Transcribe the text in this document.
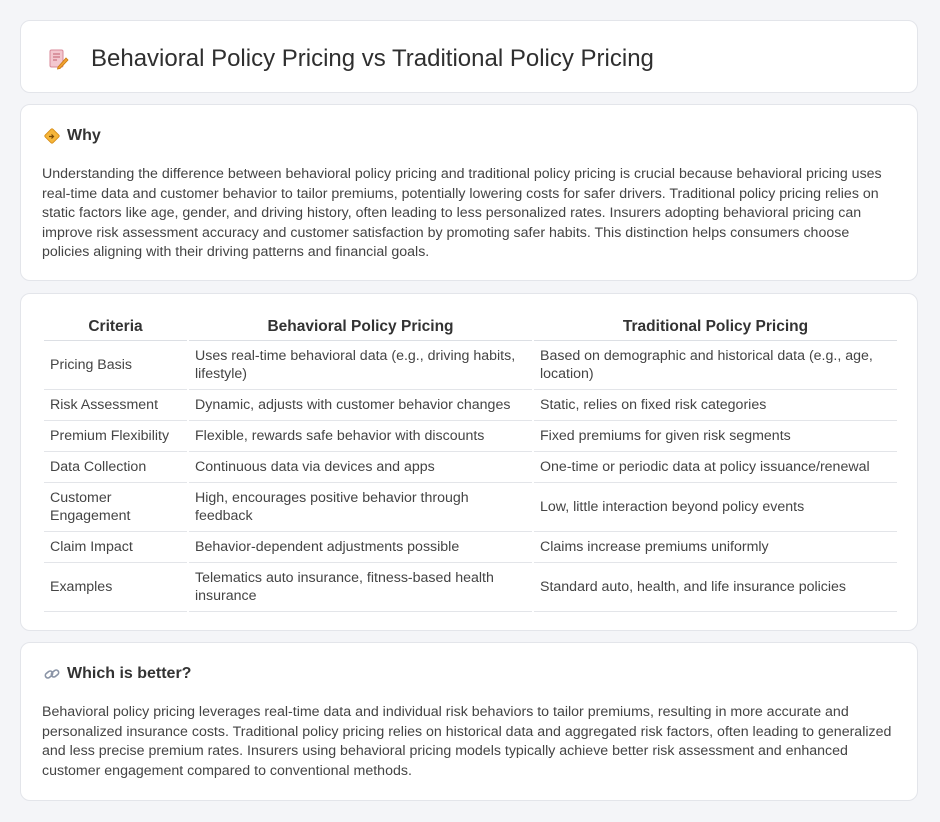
Behavioral Policy Pricing vs Traditional Policy Pricing
Why

Understanding the difference between behavioral policy pricing and traditional policy pricing is crucial because behavioral pricing uses real-time data and customer behavior to tailor premiums, potentially lowering costs for safer drivers. Traditional policy pricing relies on static factors like age, gender, and driving history, often leading to less personalized rates. Insurers adopting behavioral pricing can improve risk assessment accuracy and customer satisfaction by promoting safer habits. This distinction helps consumers choose policies aligning with their driving patterns and financial goals.

Criteria	Behavioral Policy Pricing	Traditional Policy Pricing
Pricing Basis	Uses real-time behavioral data (e.g., driving habits, lifestyle)	Based on demographic and historical data (e.g., age, location)
Risk Assessment	Dynamic, adjusts with customer behavior changes	Static, relies on fixed risk categories
Premium Flexibility	Flexible, rewards safe behavior with discounts	Fixed premiums for given risk segments
Data Collection	Continuous data via devices and apps	One-time or periodic data at policy issuance/renewal
Customer Engagement	High, encourages positive behavior through feedback	Low, little interaction beyond policy events
Claim Impact	Behavior-dependent adjustments possible	Claims increase premiums uniformly
Examples	Telematics auto insurance, fitness-based health insurance	Standard auto, health, and life insurance policies
Which is better?

Behavioral policy pricing leverages real-time data and individual risk behaviors to tailor premiums, resulting in more accurate and personalized insurance costs. Traditional policy pricing relies on historical data and aggregated risk factors, often leading to generalized and less precise premium rates. Insurers using behavioral pricing models typically achieve better risk assessment and enhanced customer engagement compared to conventional methods.
